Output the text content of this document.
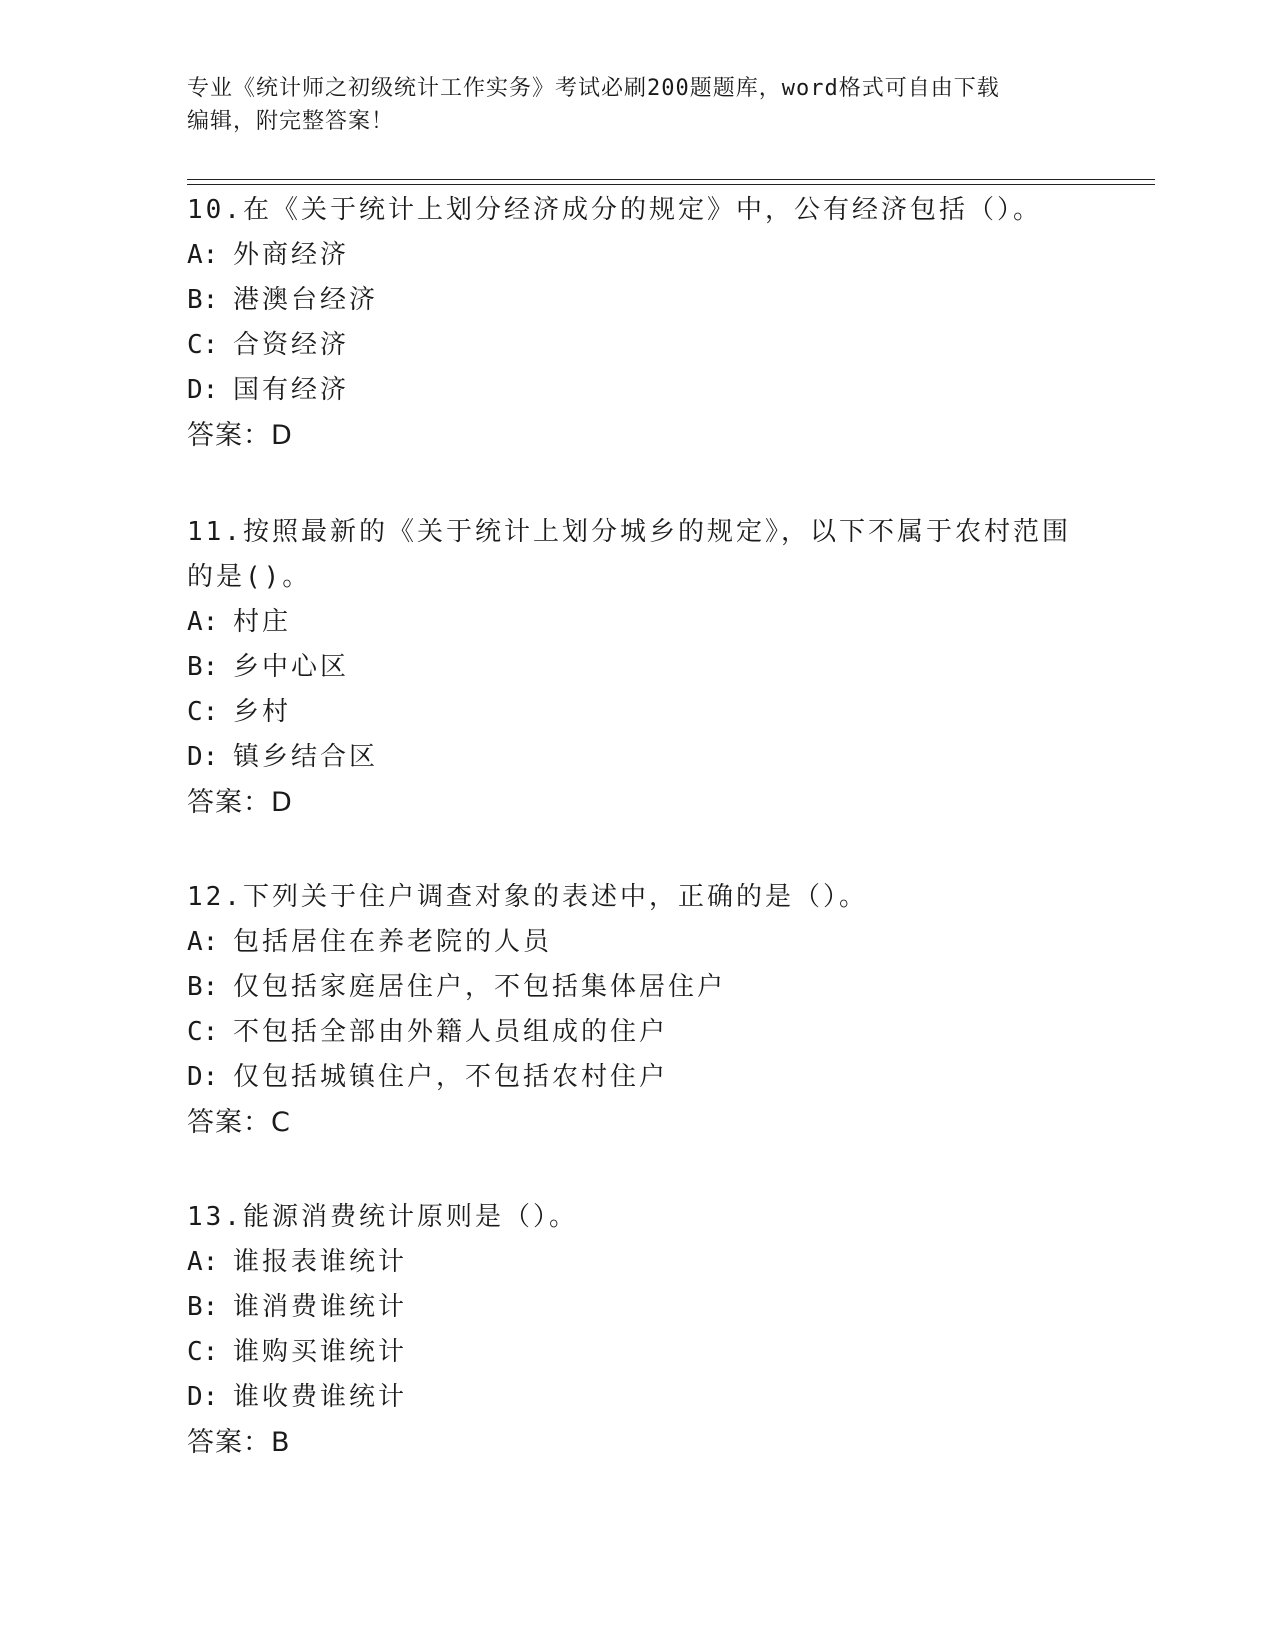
专业《统计师之初级统计工作实务》考试必刷200题题库，word格式可自由下载
编辑，附完整答案！

10.在《关于统计上划分经济成分的规定》中，公有经济包括（）。

A: 外商经济

B: 港澳台经济

C: 合资经济

D: 国有经济

答案：D

11.按照最新的《关于统计上划分城乡的规定》，以下不属于农村范围

的是()。

A: 村庄

B: 乡中心区

C: 乡村

D: 镇乡结合区

答案：D

12.下列关于住户调查对象的表述中，正确的是（）。

A: 包括居住在养老院的人员

B: 仅包括家庭居住户，不包括集体居住户

C: 不包括全部由外籍人员组成的住户

D: 仅包括城镇住户，不包括农村住户

答案：C

13.能源消费统计原则是（）。

A: 谁报表谁统计

B: 谁消费谁统计

C: 谁购买谁统计

D: 谁收费谁统计

答案：B
